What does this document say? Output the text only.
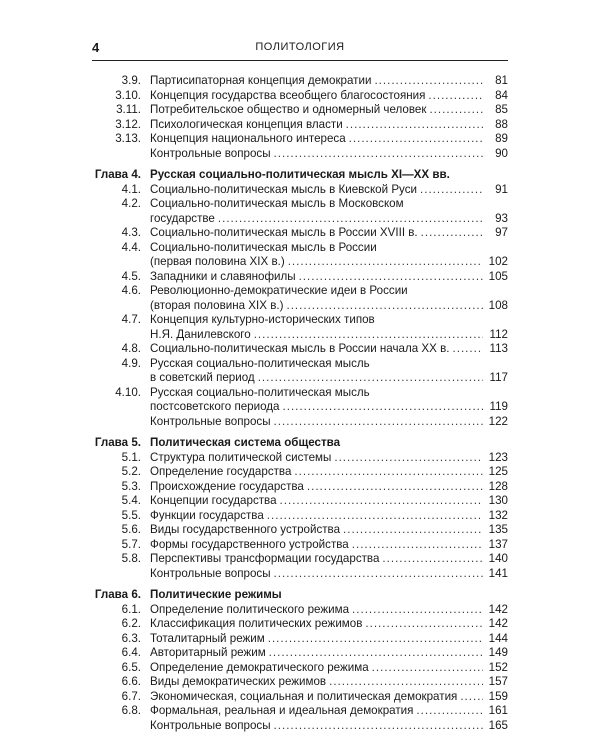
4	ПОЛИТОЛОГИЯ
3.9. Партисипаторная концепция демократии .....	81
3.10. Концепция государства всеобщего благосостояния .....	84
3.11. Потребительское общество и одномерный человек .....	85
3.12. Психологическая концепция власти .....	88
3.13. Концепция национального интереса .....	89
Контрольные вопросы .....	90
Глава 4. Русская социально-политическая мысль XI—XX вв.
4.1. Социально-политическая мысль в Киевской Руси .....	91
4.2. Социально-политическая мысль в Московском
государстве .....	93
4.3. Социально-политическая мысль в России XVIII в. .....	97
4.4. Социально-политическая мысль в России
(первая половина XIX в.) .....	102
4.5. Западники и славянофилы .....	105
4.6. Революционно-демократические идеи в России
(вторая половина XIX в.) .....	108
4.7. Концепция культурно-исторических типов
Н.Я. Данилевского .....	112
4.8. Социально-политическая мысль в России начала XX в. .....	113
4.9. Русская социально-политическая мысль
в советский период .....	117
4.10. Русская социально-политическая мысль
постсоветского периода .....	119
Контрольные вопросы .....	122
Глава 5. Политическая система общества
5.1. Структура политической системы .....	123
5.2. Определение государства .....	125
5.3. Происхождение государства .....	128
5.4. Концепции государства .....	130
5.5. Функции государства .....	132
5.6. Виды государственного устройства .....	135
5.7. Формы государственного устройства .....	137
5.8. Перспективы трансформации государства .....	140
Контрольные вопросы .....	141
Глава 6. Политические режимы
6.1. Определение политического режима .....	142
6.2. Классификация политических режимов .....	142
6.3. Тоталитарный режим .....	144
6.4. Авторитарный режим .....	149
6.5. Определение демократического режима .....	152
6.6. Виды демократических режимов .....	157
6.7. Экономическая, социальная и политическая демократия .....	159
6.8. Формальная, реальная и идеальная демократия .....	161
Контрольные вопросы .....	165
